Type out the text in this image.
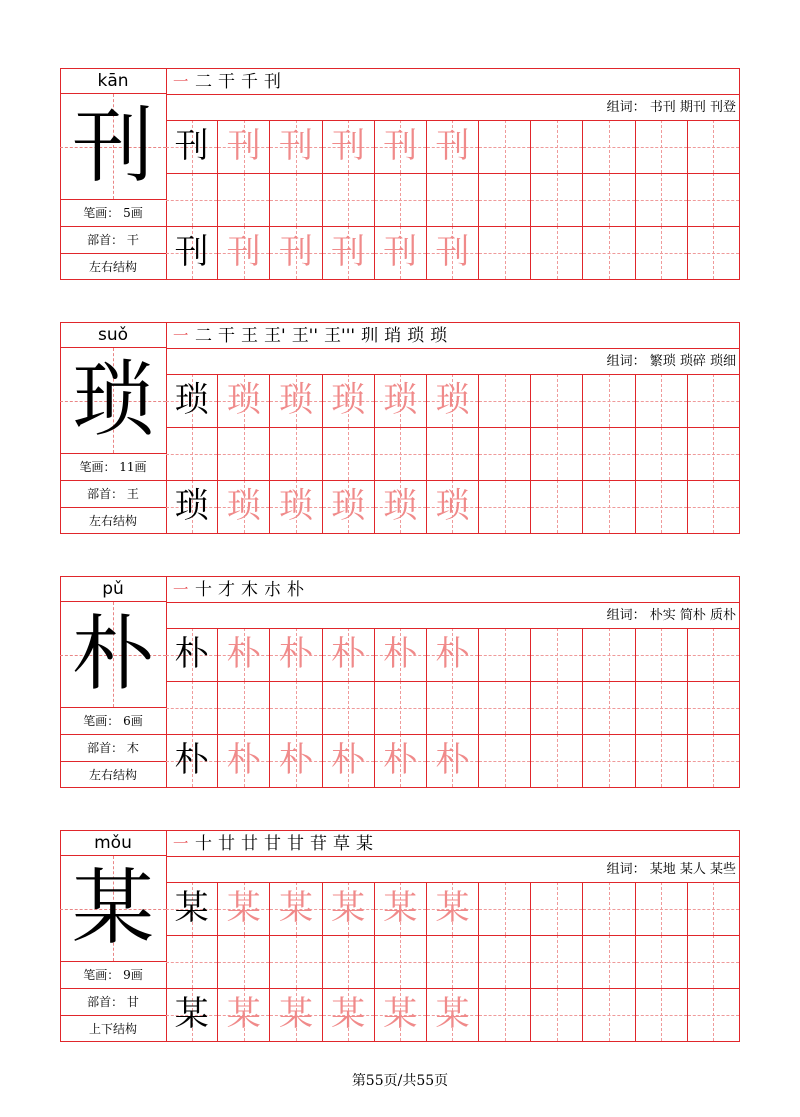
kān
刊
笔画： 5画
部首： 干
左右结构
㇐ 二 干 千 刊
组词： 书刊 期刊 刊登
刊 刊 刊 刊 刊 刊
刊 刊 刊 刊 刊 刊
suǒ
琐
笔画： 11画
部首： 王
左右结构
㇐ 二 干 王 王' 王'' 王''' 玔 琑 琐 琐
组词： 繁琐 琐碎 琐细
琐 琐 琐 琐 琐 琐
琐 琐 琐 琐 琐 琐
pǔ
朴
笔画： 6画
部首： 木
左右结构
㇐ 十 才 木 朩 朴
组词： 朴实 简朴 质朴
朴 朴 朴 朴 朴 朴
朴 朴 朴 朴 朴 朴
mǒu
某
笔画： 9画
部首： 甘
上下结构
㇐ 十 廿 廿 甘 甘 苷 草 某
组词： 某地 某人 某些
某 某 某 某 某 某
某 某 某 某 某 某
第55页/共55页
